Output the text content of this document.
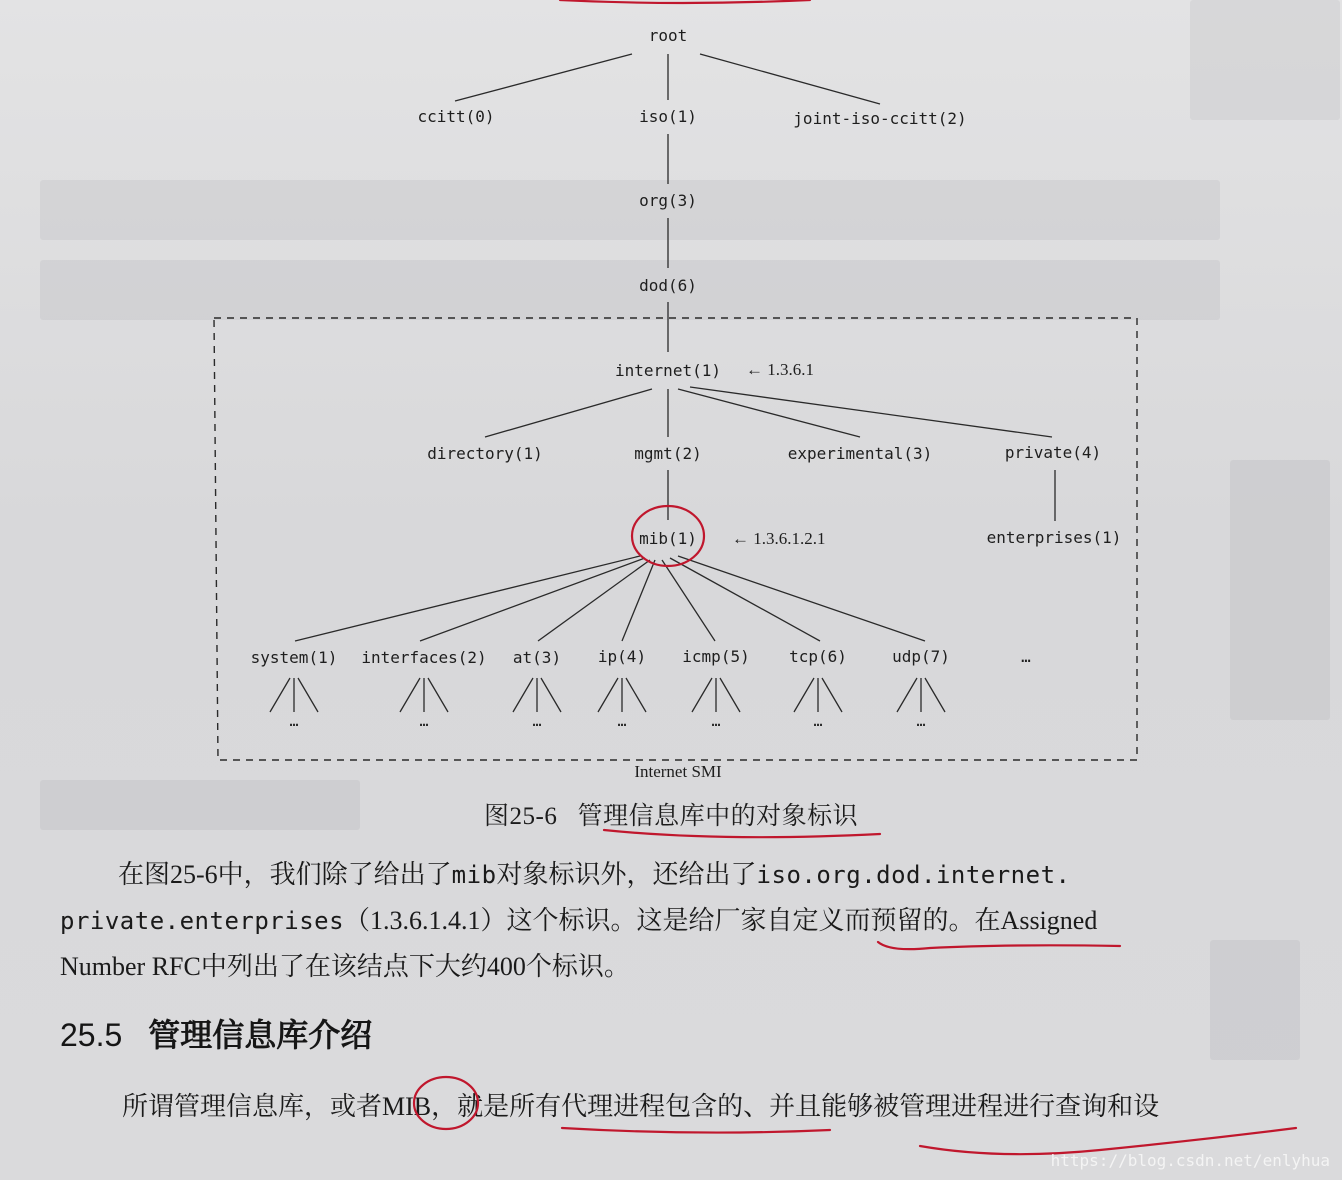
…	…	…	…	…	…	…
root
ccitt(0)	iso(1)	joint-iso-ccitt(2)
org(3)
dod(6)
internet(1) ← 1.3.6.1
directory(1)	mgmt(2)	experimental(3)	private(4)
mib(1) ← 1.3.6.1.2.1	enterprises(1)
system(1) interfaces(2) at(3) ip(4) icmp(5) tcp(6)	udp(7)	…
Internet SMI
图25-6 管理信息库中的对象标识
在图25-6中，我们除了给出了mib对象标识外，还给出了iso.org.dod.internet.
private.enterprises（1.3.6.1.4.1）这个标识。这是给厂家自定义而预留的。在Assigned
Number RFC中列出了在该结点下大约400个标识。
25.5 管理信息库介绍
所谓管理信息库，或者MIB，就是所有代理进程包含的、并且能够被管理进程进行查询和设
https://blog.csdn.net/enlyhua
